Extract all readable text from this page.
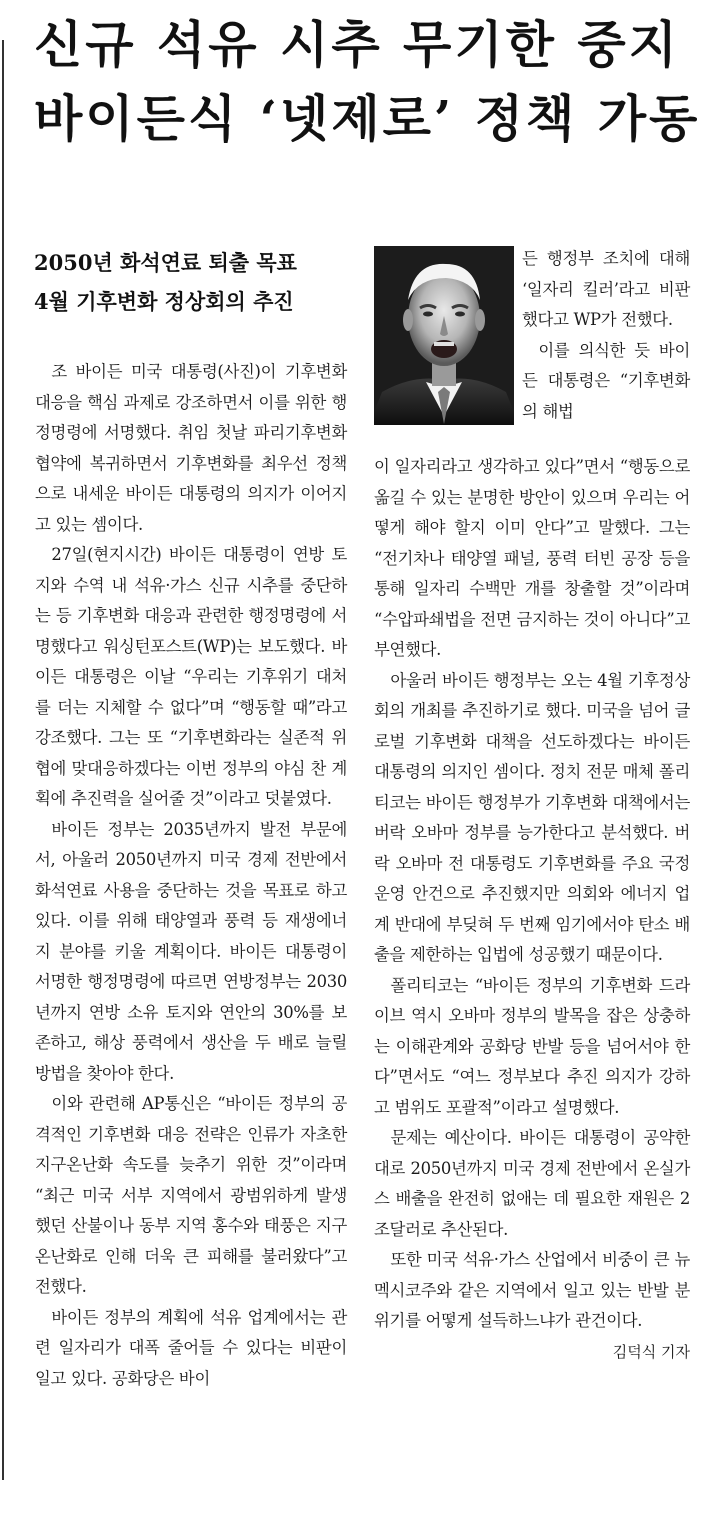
신규 석유 시추 무기한 중지
바이든식 ‘넷제로’ 정책 가동
2050년 화석연료 퇴출 목표
4월 기후변화 정상회의 추진

조 바이든 미국 대통령(사진)이 기후변화 대응을 핵심 과제로 강조하면서 이를 위한 행정명령에 서명했다. 취임 첫날 파리기후변화협약에 복귀하면서 기후변화를 최우선 정책으로 내세운 바이든 대통령의 의지가 이어지고 있는 셈이다.

27일(현지시간) 바이든 대통령이 연방 토지와 수역 내 석유·가스 신규 시추를 중단하는 등 기후변화 대응과 관련한 행정명령에 서명했다고 워싱턴포스트(WP)는 보도했다. 바이든 대통령은 이날 “우리는 기후위기 대처를 더는 지체할 수 없다”며 “행동할 때”라고 강조했다. 그는 또 “기후변화라는 실존적 위협에 맞대응하겠다는 이번 정부의 야심 찬 계획에 추진력을 실어줄 것”이라고 덧붙였다.

바이든 정부는 2035년까지 발전 부문에서, 아울러 2050년까지 미국 경제 전반에서 화석연료 사용을 중단하는 것을 목표로 하고 있다. 이를 위해 태양열과 풍력 등 재생에너지 분야를 키울 계획이다. 바이든 대통령이 서명한 행정명령에 따르면 연방정부는 2030년까지 연방 소유 토지와 연안의 30%를 보존하고, 해상 풍력에서 생산을 두 배로 늘릴 방법을 찾아야 한다.

이와 관련해 AP통신은 “바이든 정부의 공격적인 기후변화 대응 전략은 인류가 자초한 지구온난화 속도를 늦추기 위한 것”이라며 “최근 미국 서부 지역에서 광범위하게 발생했던 산불이나 동부 지역 홍수와 태풍은 지구온난화로 인해 더욱 큰 피해를 불러왔다”고 전했다.

바이든 정부의 계획에 석유 업계에서는 관련 일자리가 대폭 줄어들 수 있다는 비판이 일고 있다. 공화당은 바이

든 행정부 조치에 대해 ‘일자리 킬러’라고 비판했다고 WP가 전했다.

이를 의식한 듯 바이든 대통령은 “기후변화의 해법

이 일자리라고 생각하고 있다”면서 “행동으로 옮길 수 있는 분명한 방안이 있으며 우리는 어떻게 해야 할지 이미 안다”고 말했다. 그는 “전기차나 태양열 패널, 풍력 터빈 공장 등을 통해 일자리 수백만 개를 창출할 것”이라며 “수압파쇄법을 전면 금지하는 것이 아니다”고 부연했다.

아울러 바이든 행정부는 오는 4월 기후정상회의 개최를 추진하기로 했다. 미국을 넘어 글로벌 기후변화 대책을 선도하겠다는 바이든 대통령의 의지인 셈이다. 정치 전문 매체 폴리티코는 바이든 행정부가 기후변화 대책에서는 버락 오바마 정부를 능가한다고 분석했다. 버락 오바마 전 대통령도 기후변화를 주요 국정 운영 안건으로 추진했지만 의회와 에너지 업계 반대에 부딪혀 두 번째 임기에서야 탄소 배출을 제한하는 입법에 성공했기 때문이다.

폴리티코는 “바이든 정부의 기후변화 드라이브 역시 오바마 정부의 발목을 잡은 상충하는 이해관계와 공화당 반발 등을 넘어서야 한다”면서도 “여느 정부보다 추진 의지가 강하고 범위도 포괄적”이라고 설명했다.

문제는 예산이다. 바이든 대통령이 공약한 대로 2050년까지 미국 경제 전반에서 온실가스 배출을 완전히 없애는 데 필요한 재원은 2조달러로 추산된다.

또한 미국 석유·가스 산업에서 비중이 큰 뉴멕시코주와 같은 지역에서 일고 있는 반발 분위기를 어떻게 설득하느냐가 관건이다.
김덕식 기자
